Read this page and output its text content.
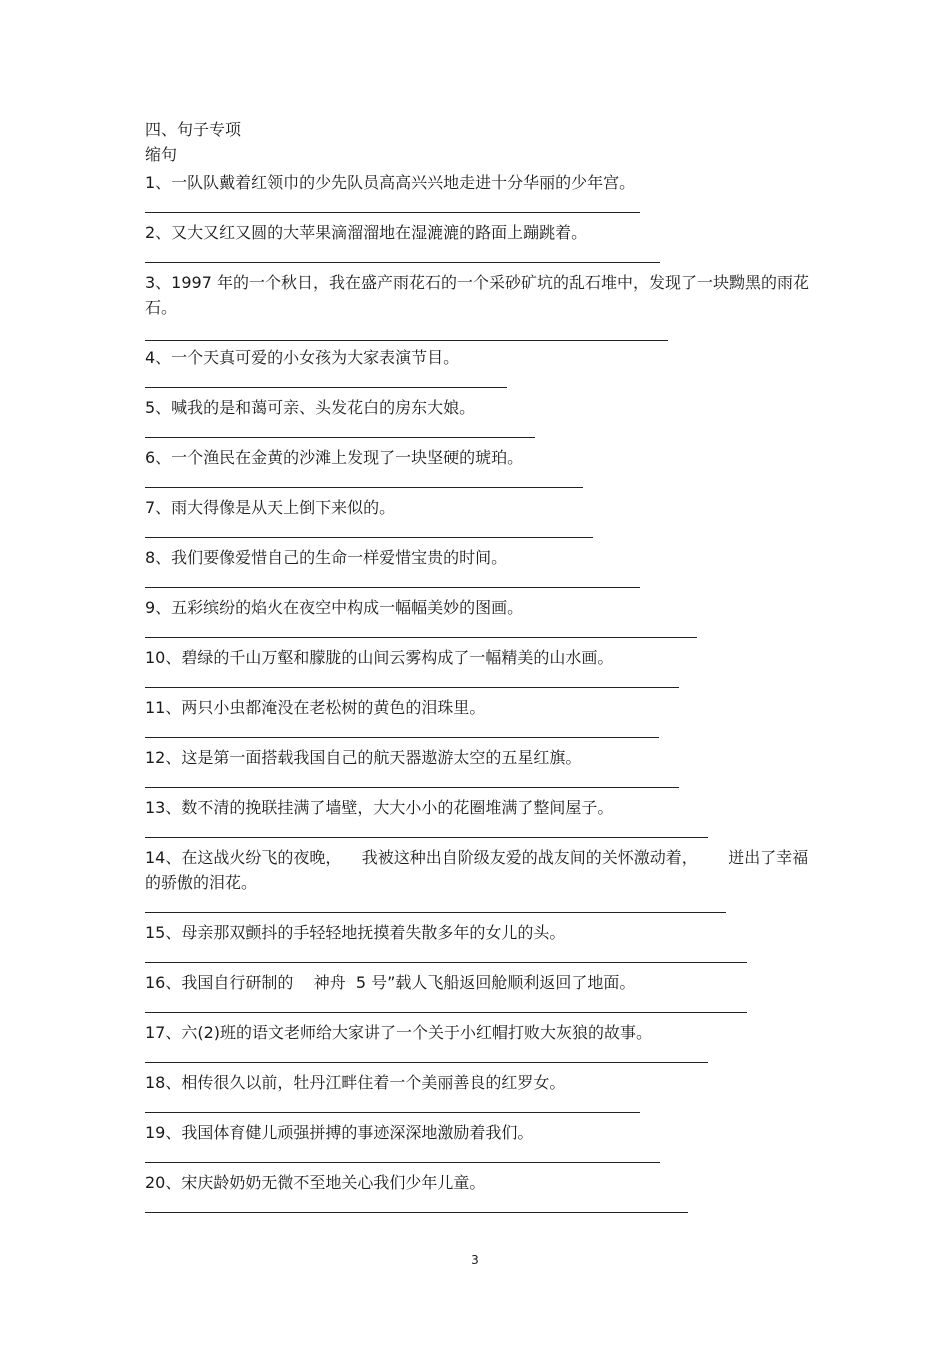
四、句子专项
缩句

1、一队队戴着红领巾的少先队员高高兴兴地走进十分华丽的少年宫。

2、又大又红又圆的大苹果滴溜溜地在湿漉漉的路面上蹦跳着。

3、1997 年的一个秋日，我在盛产雨花石的一个采砂矿坑的乱石堆中，发现了一块黝黑的雨花石。

4、一个天真可爱的小女孩为大家表演节目。

5、喊我的是和蔼可亲、头发花白的房东大娘。

6、一个渔民在金黄的沙滩上发现了一块坚硬的琥珀。

7、雨大得像是从天上倒下来似的。

8、我们要像爱惜自己的生命一样爱惜宝贵的时间。

9、五彩缤纷的焰火在夜空中构成一幅幅美妙的图画。

10、碧绿的千山万壑和朦胧的山间云雾构成了一幅精美的山水画。

11、两只小虫都淹没在老松树的黄色的泪珠里。

12、这是第一面搭载我国自己的航天器遨游太空的五星红旗。

13、数不清的挽联挂满了墙壁，大大小小的花圈堆满了整间屋子。

14、在这战火纷飞的夜晚，    我被这种出自阶级友爱的战友间的关怀激动着，      迸出了幸福的骄傲的泪花。

15、母亲那双颤抖的手轻轻地抚摸着失散多年的女儿的头。

16、我国自行研制的    神舟  5 号”载人飞船返回舱顺利返回了地面。

17、六(2)班的语文老师给大家讲了一个关于小红帽打败大灰狼的故事。

18、相传很久以前，牡丹江畔住着一个美丽善良的红罗女。

19、我国体育健儿顽强拼搏的事迹深深地激励着我们。

20、宋庆龄奶奶无微不至地关心我们少年儿童。

3
